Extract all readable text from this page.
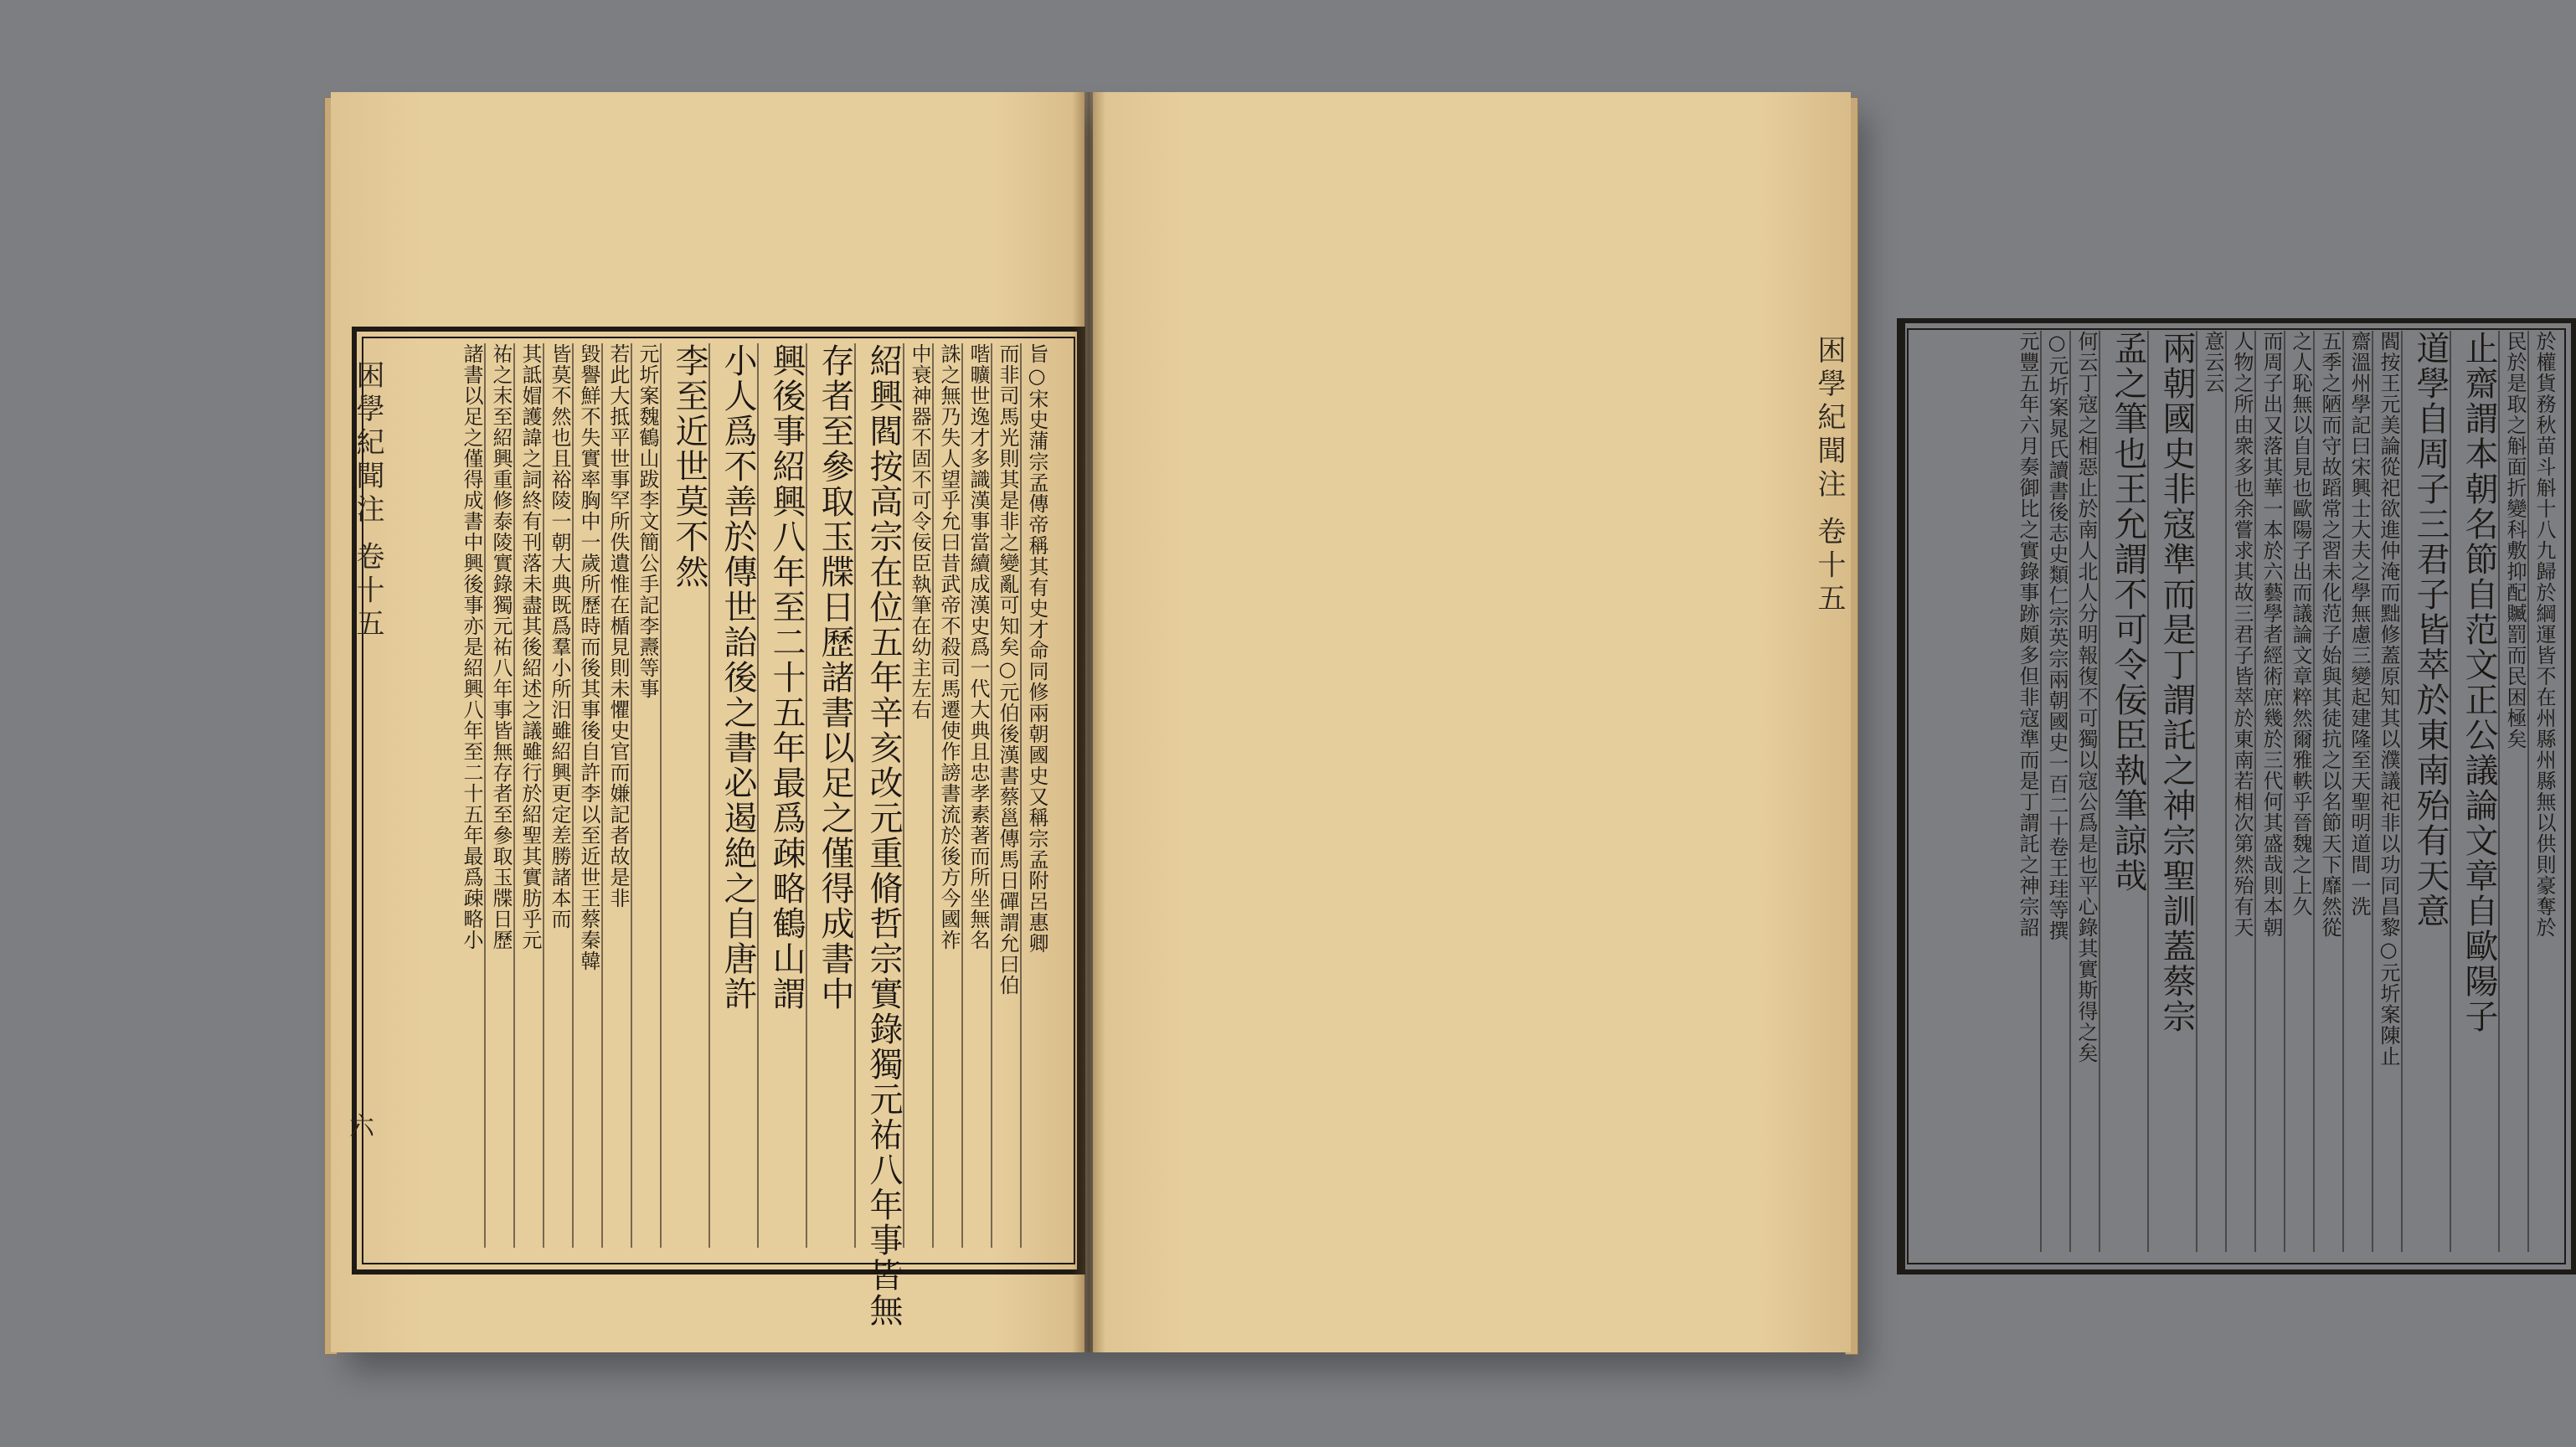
困學紀聞注 卷十五
六
旨○宋史蒲宗孟傳帝稱其有史才命同修兩朝國史又稱宗孟附呂惠卿
而非司馬光則其是非之變亂可知矣○元伯後漢書蔡邕傳馬日磾謂允曰伯
喈曠世逸才多識漢事當續成漢史爲一代大典且忠孝素著而所坐無名
誅之無乃失人望乎允曰昔武帝不殺司馬遷使作謗書流於後方今國祚
中衰神器不固不可令佞臣執筆在幼主左右
紹興閻按高宗在位五年辛亥改元重脩哲宗實錄獨元祐八年事皆無
存者至參取玉牒日歷諸書以足之僅得成書中
興後事紹興八年至二十五年最爲疎略鶴山謂
小人爲不善於傳世詒後之書必遏絶之自唐許
李至近世莫不然
元圻案魏鶴山跋李文簡公手記李燾等事
若此大抵平世事罕所佚遺惟在楯見則未懼史官而嫌記者故是非
毀譽鮮不失實率胸中一歲所歷時而後其事後自許李以至近世王蔡秦韓
皆莫不然也且裕陵一朝大典既爲羣小所汨雖紹興更定差勝諸本而
其詆媢護諱之詞終有刊落未盡其後紹述之議雖行於紹聖其實肪乎元
祐之末至紹興重修泰陵實錄獨元祐八年事皆無存者至參取玉牒日歷
諸書以足之僅得成書中興後事亦是紹興八年至二十五年最爲疎略小	困學紀聞注 卷十五	於權貨務秋苗斗斛十八九歸於綱運皆不在州縣州縣無以供則豪奪於
民於是取之斛面折變科敷抑配贓罰而民困極矣
止齋謂本朝名節自范文正公議論文章自歐陽子
道學自周子三君子皆萃於東南殆有天意
閻按王元美論從祀欲進仲淹而黜修蓋原知其以濮議祀非以功同昌黎○元圻案陳止
齋溫州學記曰宋興士大夫之學無慮三變起建隆至天聖明道間一洗
五季之陋而守故蹈常之習未化范子始與其徒抗之以名節天下靡然從
之人恥無以自見也歐陽子出而議論文章粹然爾雅軼乎晉魏之上久
而周子出又落其華一本於六藝學者經術庶幾於三代何其盛哉則本朝
人物之所由衆多也余嘗求其故三君子皆萃於東南若相次第然殆有天
意云云
兩朝國史非寇準而是丁謂託之神宗聖訓蓋蔡宗
孟之筆也王允謂不可令佞臣執筆諒哉
何云丁寇之相惡止於南人北人分明報復不可獨以寇公爲是也平心錄其實斯得之矣
○元圻案晁氏讀書後志史類仁宗英宗兩朝國史一百二十卷王珪等撰
元豐五年六月奏御比之實錄事跡頗多但非寇準而是丁謂託之神宗詔
